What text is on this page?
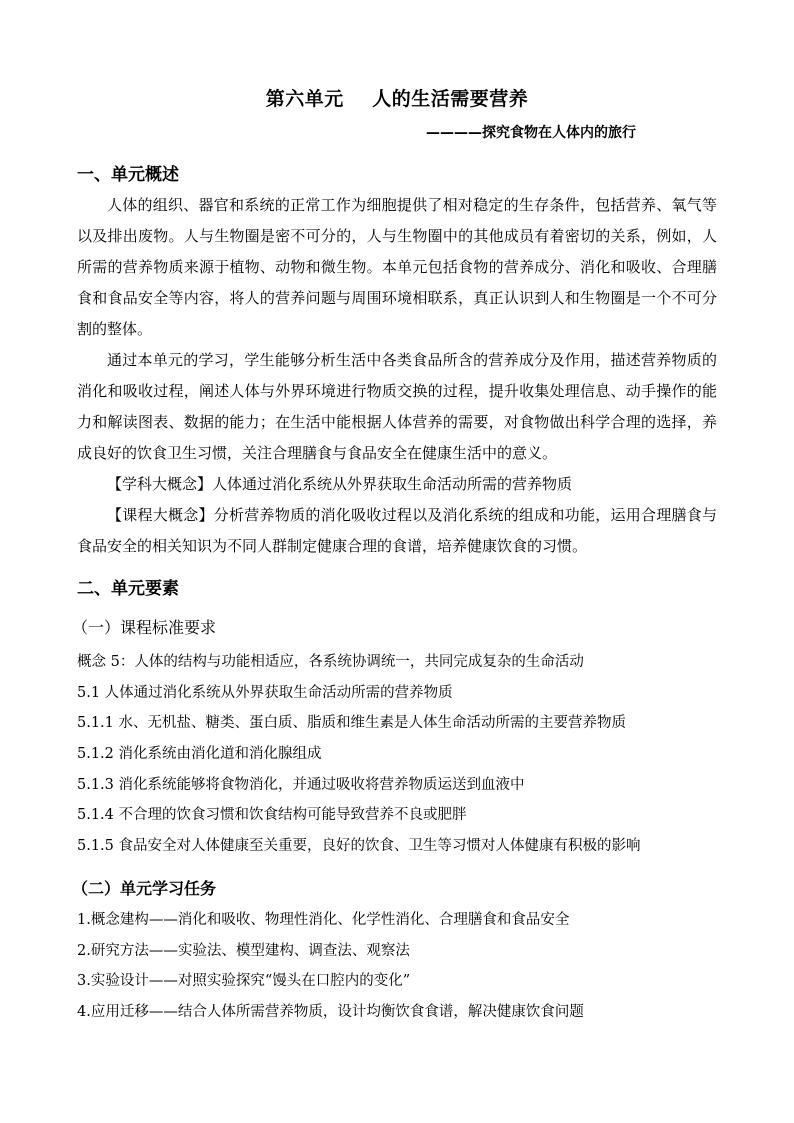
第六单元    人的生活需要营养
————探究食物在人体内的旅行
一、单元概述

人体的组织、器官和系统的正常工作为细胞提供了相对稳定的生存条件，包括营养、氧气等以及排出废物。人与生物圈是密不可分的，人与生物圈中的其他成员有着密切的关系，例如，人所需的营养物质来源于植物、动物和微生物。本单元包括食物的营养成分、消化和吸收、合理膳食和食品安全等内容，将人的营养问题与周围环境相联系，真正认识到人和生物圈是一个不可分割的整体。

通过本单元的学习，学生能够分析生活中各类食品所含的营养成分及作用，描述营养物质的消化和吸收过程，阐述人体与外界环境进行物质交换的过程，提升收集处理信息、动手操作的能力和解读图表、数据的能力；在生活中能根据人体营养的需要，对食物做出科学合理的选择，养成良好的饮食卫生习惯，关注合理膳食与食品安全在健康生活中的意义。

【学科大概念】人体通过消化系统从外界获取生命活动所需的营养物质

【课程大概念】分析营养物质的消化吸收过程以及消化系统的组成和功能，运用合理膳食与食品安全的相关知识为不同人群制定健康合理的食谱，培养健康饮食的习惯。

二、单元要素
（一）课程标准要求
概念 5：人体的结构与功能相适应，各系统协调统一，共同完成复杂的生命活动
5.1 人体通过消化系统从外界获取生命活动所需的营养物质
5.1.1 水、无机盐、糖类、蛋白质、脂质和维生素是人体生命活动所需的主要营养物质
5.1.2 消化系统由消化道和消化腺组成
5.1.3 消化系统能够将食物消化，并通过吸收将营养物质运送到血液中
5.1.4 不合理的饮食习惯和饮食结构可能导致营养不良或肥胖
5.1.5 食品安全对人体健康至关重要，良好的饮食、卫生等习惯对人体健康有积极的影响
（二）单元学习任务
1.概念建构——消化和吸收、物理性消化、化学性消化、合理膳食和食品安全
2.研究方法——实验法、模型建构、调查法、观察法
3.实验设计——对照实验探究“馒头在口腔内的变化”
4.应用迁移——结合人体所需营养物质，设计均衡饮食食谱，解决健康饮食问题
